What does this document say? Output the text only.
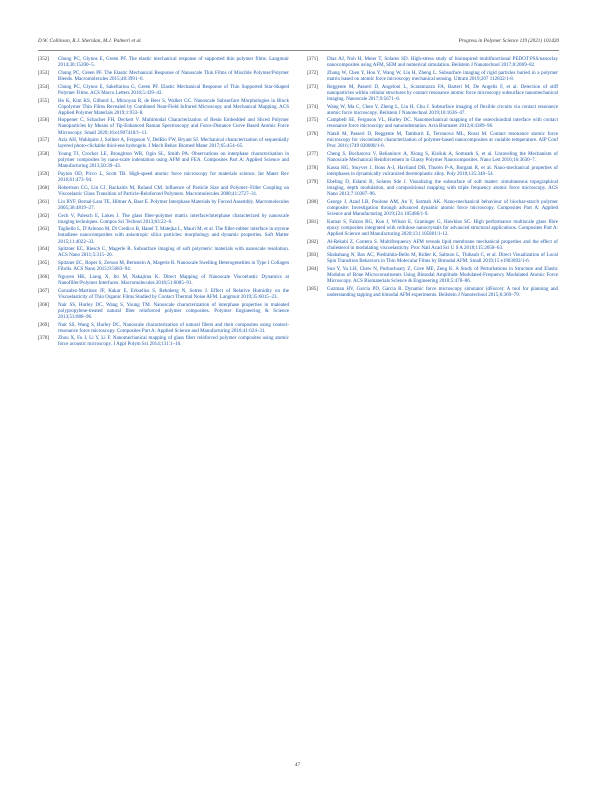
D.W. Collinson, R.J. Sheridan, M.J. Palmeri et al.	Progress in Polymer Science 119 (2021) 101420
[352] Chung PC, Glynos E, Green PF. The elastic mechanical response of supported thin polymer films. Langmuir 2014;30:15200–5.
[353] Chung PC, Green PF. The Elastic Mechanical Response of Nanoscale Thin Films of Miscible Polymer/Polymer Blends. Macromolecules 2015;48:3991–6.
[354] Chung PC, Glynos E, Sakellariou G, Green PF. Elastic Mechanical Response of Thin Supported Star-Shaped Polymer Films. ACS Macro Letters 2016;5:439–43.
[355] Ho K, Kim KS, Gilburd L, Mirzoyan R, de Beer S, Walker GC. Nanoscale Subsurface Morphologies in Block Copolymer Thin Films Revealed by Combined Near-Field Infrared Microscopy and Mechanical Mapping. ACS Applied Polymer Materials 2019;1:933–8.
[356] Hoppener C, Schacher FH, Deckert V. Multimodal Characterization of Resin Embedded and Sliced Polymer Nanoparticles by Means of Tip-Enhanced Raman Spectroscopy and Force-Distance Curve Based Atomic Force Microscopy. Small 2020;16:e1907418/1–11.
[357] Aziz AH, Wahlquist J, Sollner A, Ferguson V, DelRio FW, Bryant SJ. Mechanical characterization of sequentially layered photo-clickable thiol-ene hydrogels. J Mech Behav Biomed Mater 2017;65:454–65.
[358] Young TJ, Crocker LE, Broughton WR, Ogin SL, Smith PA. Observations on interphase characterisation in polymer composites by nano-scale indentation using AFM and FEA. Composites Part A: Applied Science and Manufacturing 2013;50:39–43.
[359] Payton OD, Picco L, Scott TB. High-speed atomic force microscopy for materials science. Int Mater Rev 2016;61:473–94.
[360] Robertson CG, Lin CJ, Rackaitis M, Roland CM. Influence of Particle Size and Polymer−Filler Coupling on Viscoelastic Glass Transition of Particle-Reinforced Polymers. Macromolecules 2008;41:2727–31.
[361] Liu RYF, Bernal-Lara TE, Hiltner A, Baer E. Polymer Interphase Materials by Forced Assembly. Macromolecules 2005;38:4819–27.
[362] Cech V, Palesch E, Lukes J. The glass fiber-polymer matrix interface/interphase characterized by nanoscale imaging techniques. Compos Sci Technol 2013;83:22–6.
[363] Tagliello L, D'Arienzo M, Di Credico B, Hanel T, Matejka L, Mauri M, et al. The filler-rubber interface in styrene butadiene nanocomposites with anisotropic silica particles: morphology and dynamic properties. Soft Matter 2015;11:4022–33.
[364] Spitzner EC, Riesch C, Magerle R. Subsurface imaging of soft polymeric materials with nanoscale resolution. ACS Nano 2011;5:315–20.
[365] Spitzner EC, Roper S, Zerson M, Bernstein A, Magerle R. Nanoscale Swelling Heterogeneities in Type I Collagen Fibrils. ACS Nano 2015;9:5683–94.
[366] Nguyen HK, Liang X, Ito M, Nakajima K. Direct Mapping of Nanoscale Viscoelastic Dynamics at Nanofiller/Polymer Interfaces. Macromolecules 2018;51:6085–91.
[367] Gonzalez-Martinez JF, Kakar E, Erkselius S, Rehnberg N, Sotres J. Effect of Relative Humidity on the Viscoelasticity of Thin Organic Films Studied by Contact Thermal Noise AFM. Langmuir 2019;35:6015–23.
[368] Nair SS, Hurley DC, Wang S, Young TM. Nanoscale characterization of interphase properties in maleated polypropylene-treated natural fiber reinforced polymer composites. Polymer Engineering & Science 2013;53:888–96.
[369] Nair SS, Wang S, Hurley DC. Nanoscale characterization of natural fibers and their composites using contact-resonance force microscopy. Composites Part A: Applied Science and Manufacturing 2010;41:624–31.
[370] Zhou X, Fu J, Li Y, Li F. Nanomechanical mapping of glass fiber reinforced polymer composites using atomic force acoustic microscopy. J Appl Polym Sci 2014;131:1–10.
[371] Diaz AJ, Noh H, Meier T, Solares SD. High-stress study of bioinspired multifunctional PEDOT:PSS/nanoclay nanocomposites using AFM, SEM and numerical simulation. Beilstein J Nanotechnol 2017;8:2069–82.
[372] Zhang W, Chen Y, Hou Y, Wang W, Liu H, Zheng L. Subsurface imaging of rigid particles buried in a polymer matrix based on atomic force microscopy mechanical sensing. Ultram 2019;207 112832/1-8.
[373] Reggente M, Passeri D, Angeloni L, Scaramuzzo FA, Barteri M, De Angelis F, et al. Detection of stiff nanoparticles within cellular structures by contact resonance atomic force microscopy subsurface nanomechanical imaging. Nanoscale 2017;9:5671–6.
[374] Wang W, Ma C, Chen Y, Zheng L, Liu H, Chu J. Subsurface imaging of flexible circuits via contact resonance atomic force microscopy. Beilstein J Nanotechnol 2019;10:1636–47.
[375] Campbell SE, Ferguson VL, Hurley DC. Nanomechanical mapping of the osteochondral interface with contact resonance force microscopy and nanoindentation. Acta Biomater 2012;8:4389–96.
[376] Natali M, Passeri D, Reggente M, Tamburri E, Terranova ML, Rossi M. Contact resonance atomic force microscopy for viscoelastic characterization of polymer-based nanocomposites at variable temperature. AIP Conf Proc 2016;1749 020008/1-8.
[377] Cheng S, Bocharova V, Belianinov A, Xiong S, Kisliuk A, Somnath S, et al. Unraveling the Mechanism of Nanoscale Mechanical Reinforcement in Glassy Polymer Nanocomposites. Nano Lett 2016;16:3630–7.
[378] Kassa HG, Stuyver J, Bons A-J, Haviland DB, Thorén P-A, Borgani R, et al. Nano-mechanical properties of interphases in dynamically vulcanized thermoplastic alloy. Poly 2018;135:348–54.
[379] Ebeling D, Eslami B, Solares Sde J. Visualizing the subsurface of soft matter: simultaneous topographical imaging, depth modulation, and compositional mapping with triple frequency atomic force microscopy. ACS Nano 2013;7:10387–96.
[380] George J, Azad LB, Poulose AM, An Y, Sarmah AK. Nano-mechanical behaviour of biochar-starch polymer composite: Investigation through advanced dynamic atomic force microscopy. Composites Part A: Applied Science and Manufacturing 2019;124 105486/1-9.
[381] Kumar S, Falzon BG, Kun J, Wilson E, Graninger G, Hawkins SC. High performance multiscale glass fibre epoxy composites integrated with cellulose nanocrystals for advanced structural applications. Composites Part A: Applied Science and Manufacturing 2020;131 105801/1-12.
[382] Al-Rekabi Z, Contera S. Multifrequency AFM reveals lipid membrane mechanical properties and the effect of cholesterol in modulating viscoelasticity. Proc Natl Acad Sci U S A 2018;115:2658–63.
[383] Shabahang N, Bax AC, Piedrahita-Bello M, Ridier K, Salmon L, Thibault C, et al. Direct Visualization of Local Spin Transition Behaviors in Thin Molecular Films by Bimodal AFM. Small 2019;15 e1903892/1-6.
[384] Sun Y, Yu LH, Chew N, Purbachoary Z, Cove ME, Zeng K. A Study of Perturbations in Structure and Elastic Modulus of Bone Microconstituents Using Bimodal Amplitude Modulated-Frequency Modulated Atomic Force Microscopy. ACS Biomaterials Science & Engineering 2018;5:478–86.
[385] Guzman HV, Garcia PD, Garcia R. Dynamic force microscopy simulator (dForce): A tool for planning and understanding tapping and bimodal AFM experiments. Beilstein J Nanotechnol 2015;6:369–79.
47
